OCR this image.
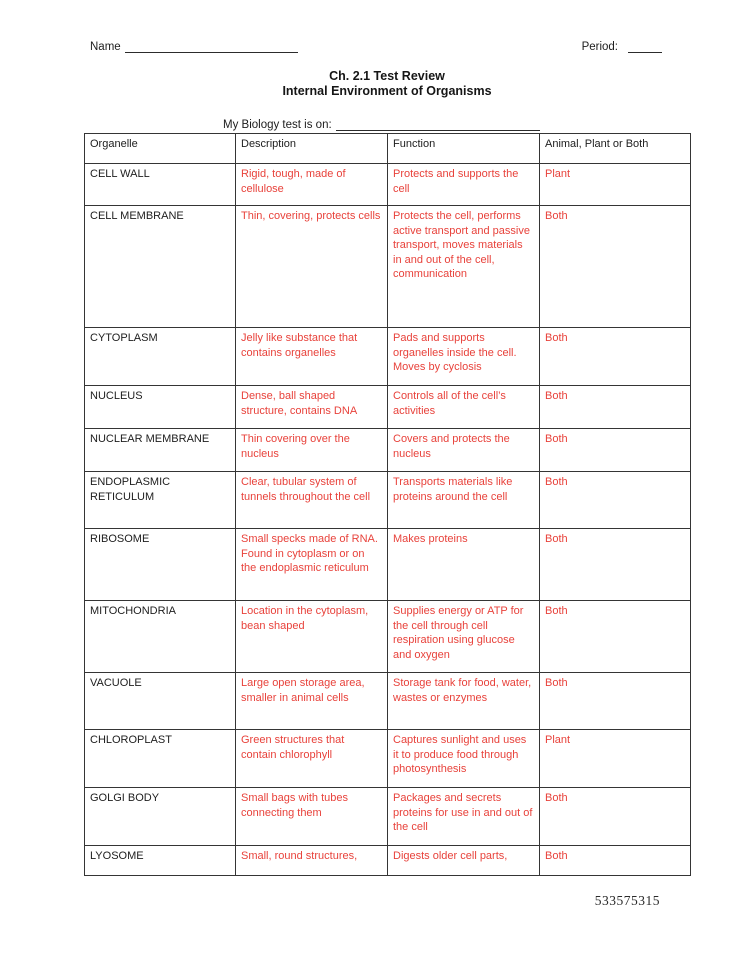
Name	Period:
Ch. 2.1 Test Review
Internal Environment of Organisms
My Biology test is on:
Organelle	Description	Function	Animal, Plant or Both
CELL WALL	Rigid, tough, made of cellulose	Protects and supports the cell	Plant
CELL MEMBRANE	Thin, covering, protects cells	Protects the cell, performs active transport and passive transport, moves materials in and out of the cell, communication	Both
CYTOPLASM	Jelly like substance that contains organelles	Pads and supports organelles inside the cell. Moves by cyclosis	Both
NUCLEUS	Dense, ball shaped structure, contains DNA	Controls all of the cell’s activities	Both
NUCLEAR MEMBRANE	Thin covering over the nucleus	Covers and protects the nucleus	Both
ENDOPLASMIC RETICULUM	Clear, tubular system of tunnels throughout the cell	Transports materials like proteins around the cell	Both
RIBOSOME	Small specks made of RNA. Found in cytoplasm or on the endoplasmic reticulum	Makes proteins	Both
MITOCHONDRIA	Location in the cytoplasm, bean shaped	Supplies energy or ATP for the cell through cell respiration using glucose and oxygen	Both
VACUOLE	Large open storage area, smaller in animal cells	Storage tank for food, water, wastes or enzymes	Both
CHLOROPLAST	Green structures that contain chlorophyll	Captures sunlight and uses it to produce food through photosynthesis	Plant
GOLGI BODY	Small bags with tubes connecting them	Packages and secrets proteins for use in and out of the cell	Both
LYOSOME	Small, round structures,	Digests older cell parts,	Both
533575315
